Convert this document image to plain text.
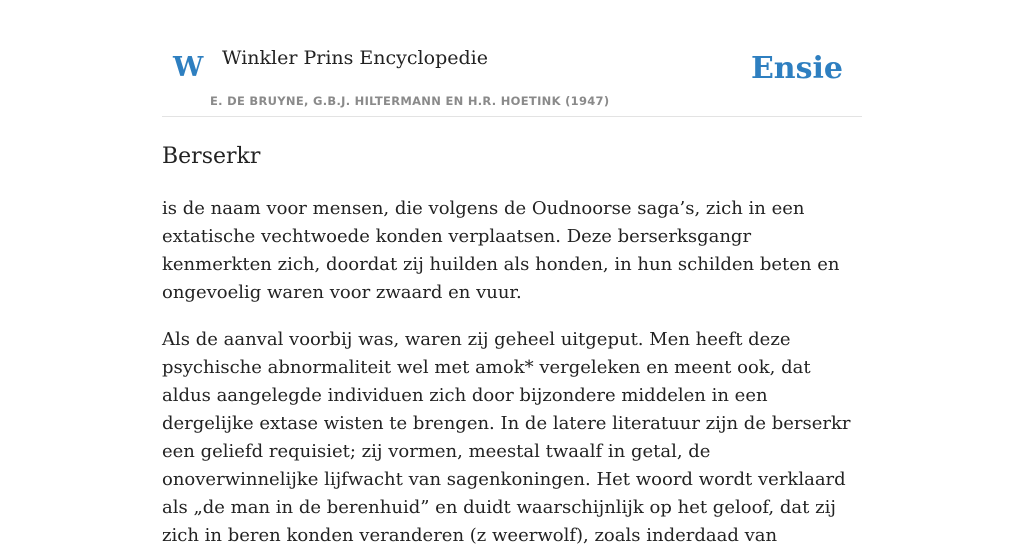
W Winkler Prins Encyclopedie
E. DE BRUYNE, G.B.J. HILTERMANN EN H.R. HOETINK (1947)
Ensie
Berserkr

is de naam voor mensen, die volgens de Oudnoorse saga’s, zich in een extatische vechtwoede konden verplaatsen. Deze berserksgangr kenmerkten zich, doordat zij huilden als honden, in hun schilden beten en ongevoelig waren voor zwaard en vuur.

Als de aanval voorbij was, waren zij geheel uitgeput. Men heeft deze psychische abnormaliteit wel met amok* vergeleken en meent ook, dat aldus aangelegde individuen zich door bijzondere middelen in een dergelijke extase wisten te brengen. In de latere literatuur zijn de berserkr een geliefd requisiet; zij vormen, meestal twaalf in getal, de onoverwinnelijke lijfwacht van sagenkoningen. Het woord wordt verklaard als „de man in de berenhuid” en duidt waarschijnlijk op het geloof, dat zij zich in beren konden veranderen (z weerwolf), zoals inderdaad van
